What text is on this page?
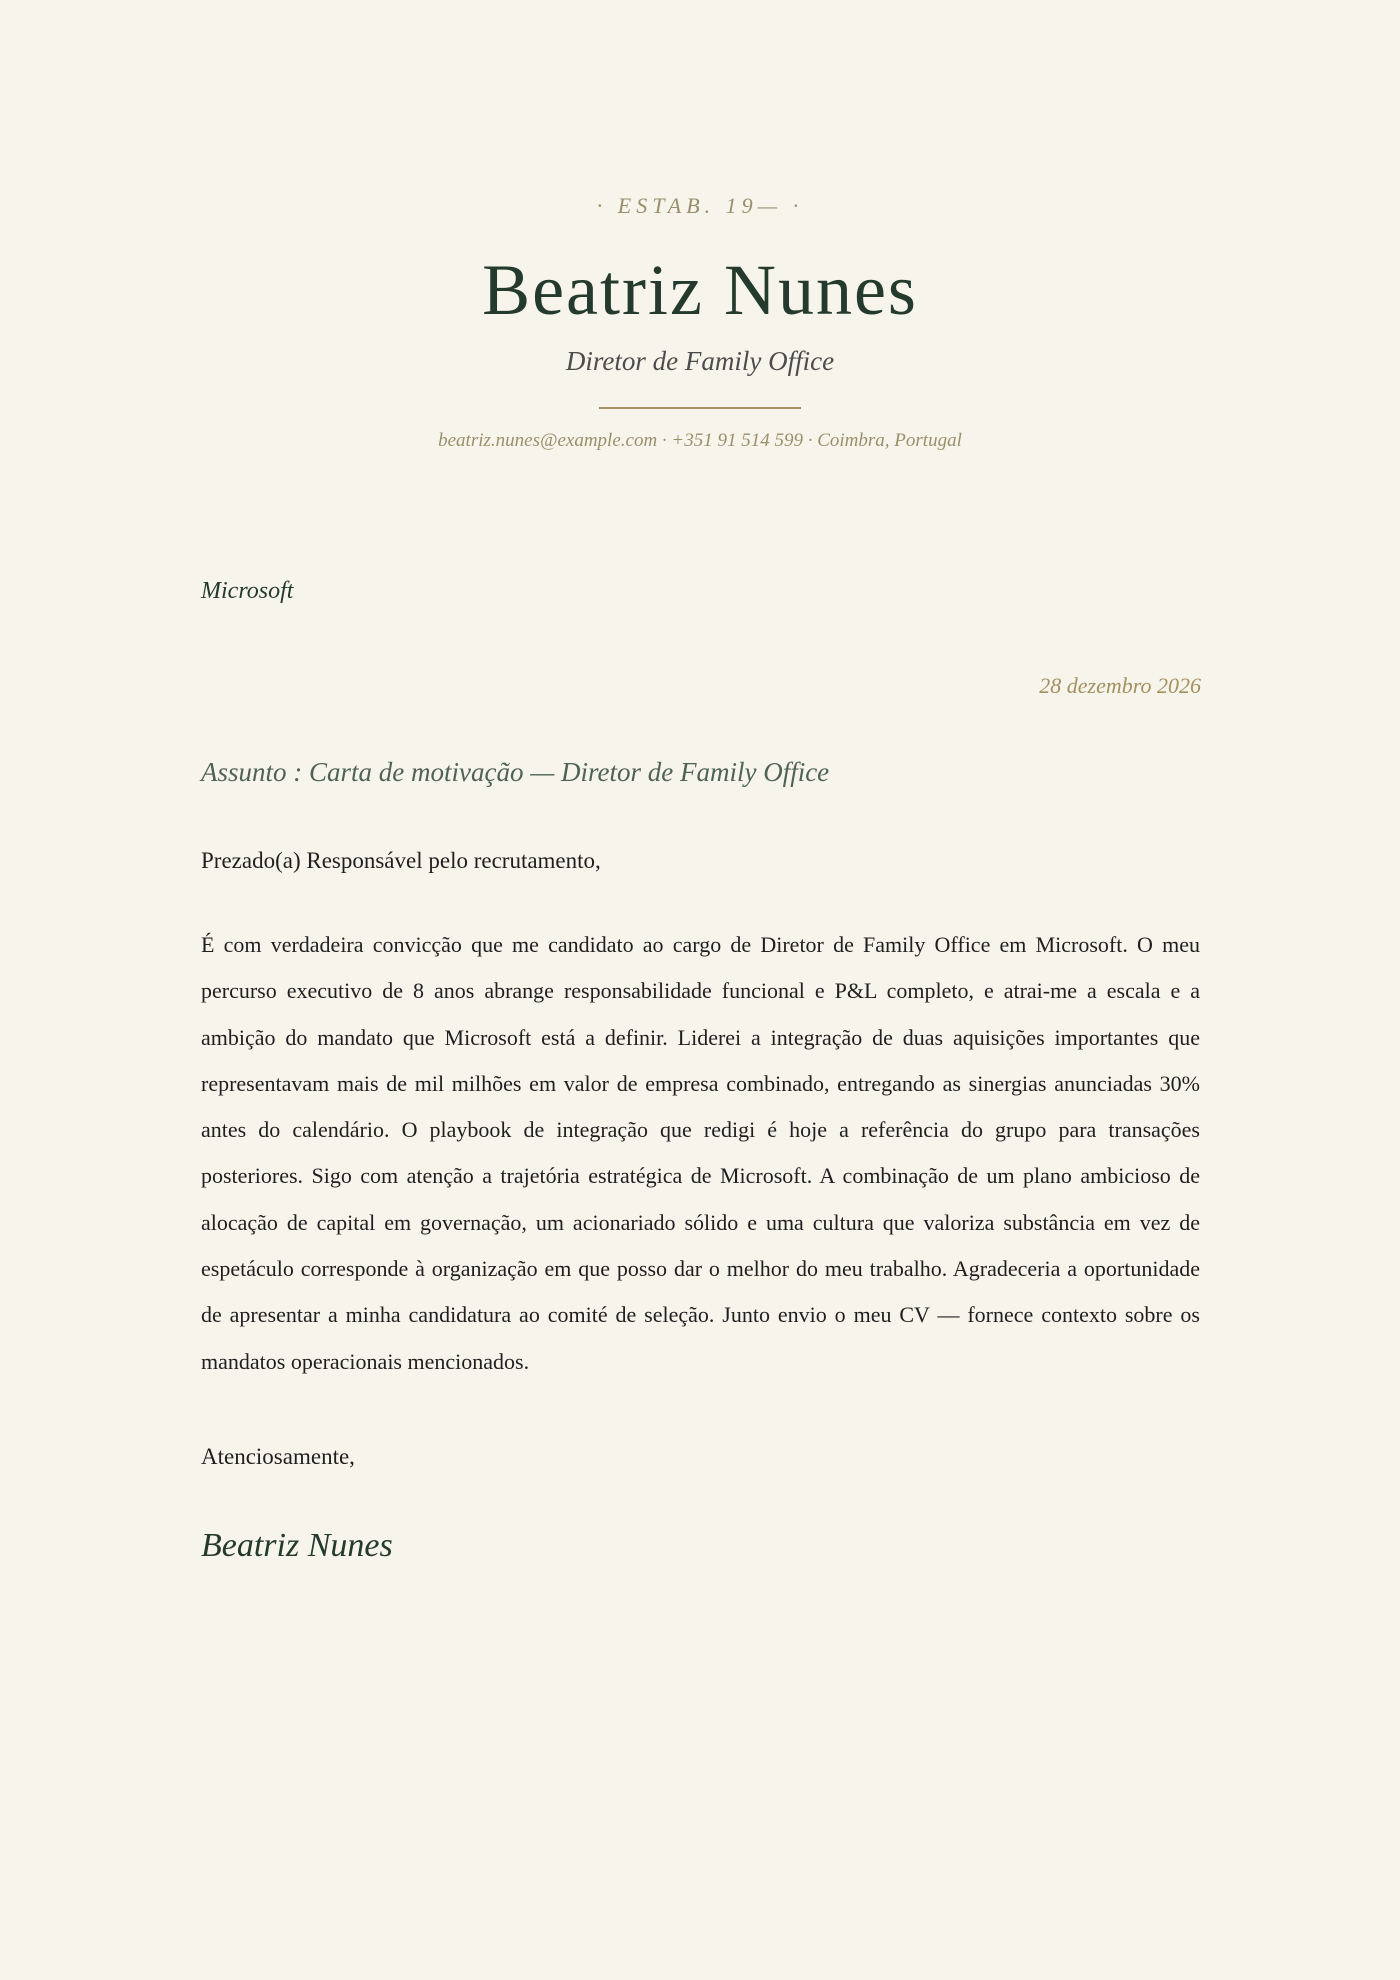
· ESTAB. 19— ·
Beatriz Nunes
Diretor de Family Office
beatriz.nunes@example.com · +351 91 514 599 · Coimbra, Portugal
Microsoft
28 dezembro 2026
Assunto : Carta de motivação — Diretor de Family Office
Prezado(a) Responsável pelo recrutamento,

É com verdadeira convicção que me candidato ao cargo de Diretor de Family Office em Microsoft. O meu percurso executivo de 8 anos abrange responsabilidade funcional e P&L completo, e atrai-me a escala e a ambição do mandato que Microsoft está a definir. Liderei a integração de duas aquisições importantes que representavam mais de mil milhões em valor de empresa combinado, entregando as sinergias anunciadas 30% antes do calendário. O playbook de integração que redigi é hoje a referência do grupo para transações posteriores. Sigo com atenção a trajetória estratégica de Microsoft. A combinação de um plano ambicioso de alocação de capital em governação, um acionariado sólido e uma cultura que valoriza substância em vez de espetáculo corresponde à organização em que posso dar o melhor do meu trabalho. Agradeceria a oportunidade de apresentar a minha candidatura ao comité de seleção. Junto envio o meu CV — fornece contexto sobre os mandatos operacionais mencionados.

Atenciosamente,
Beatriz Nunes
